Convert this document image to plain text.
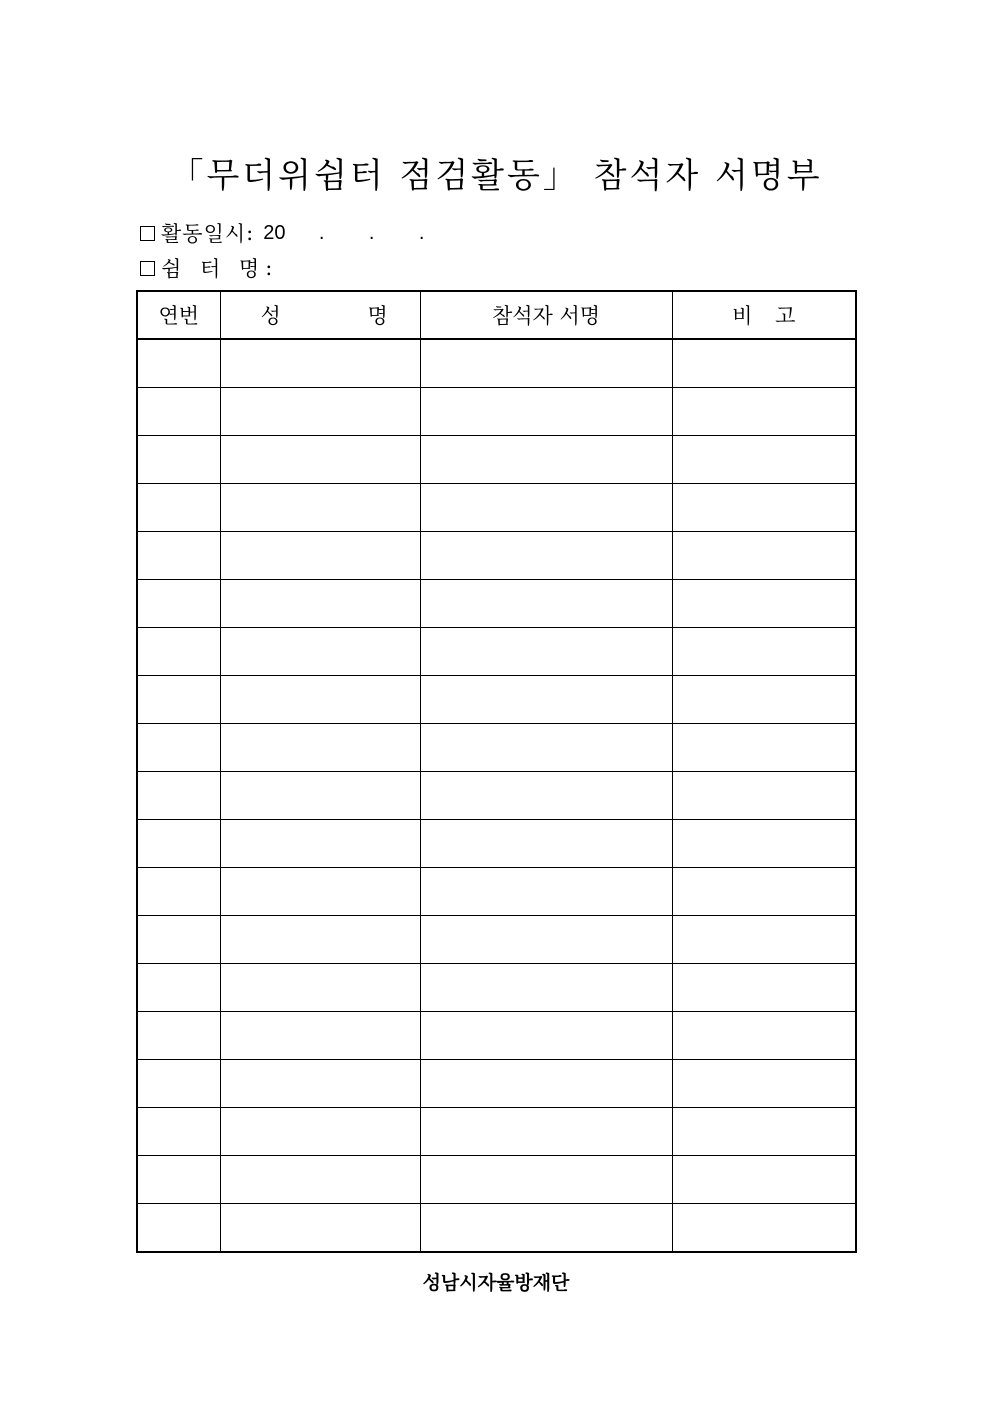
「무더위쉼터 점검활동」 참석자 서명부
활동일시 : 20      .        .        .
쉼 터 명 :
연번	성 명	참석자 서명	비 고

성남시자율방재단
